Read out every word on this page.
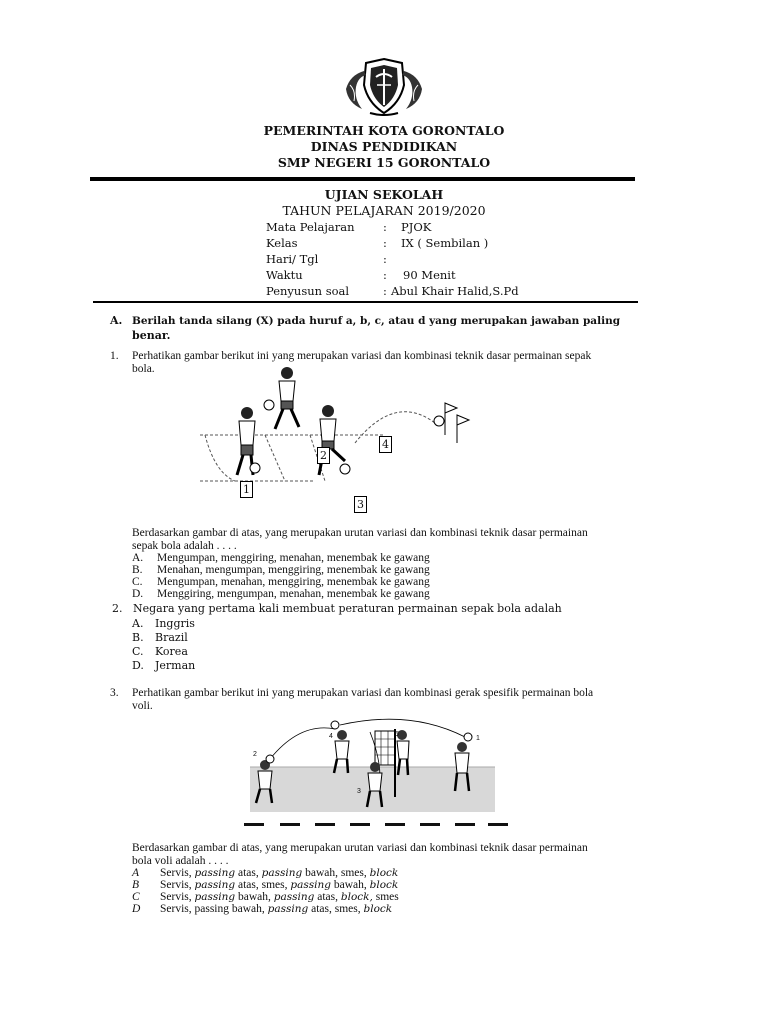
PEMERINTAH KOTA GORONTALO
DINAS PENDIDIKAN
SMP NEGERI 15 GORONTALO
UJIAN SEKOLAH
TAHUN PELAJARAN 2019/2020
Mata Pelajaran : PJOK
Kelas	: IX ( Sembilan )
Hari/ Tgl	:
Waktu	: 90 Menit
Penyusun soal	: Abul Khair Halid,S.Pd
A. Berilah tanda silang (X) pada huruf a, b, c, atau d yang merupakan jawaban paling
benar.
1. Perhatikan gambar berikut ini yang merupakan variasi dan kombinasi teknik dasar permainan sepak
bola.
1
2
3
4
Berdasarkan gambar di atas, yang merupakan urutan variasi dan kombinasi teknik dasar permainan
sepak bola adalah . . . .
A. Mengumpan, menggiring, menahan, menembak ke gawang
B. Menahan, mengumpan, menggiring, menembak ke gawang
C. Mengumpan, menahan, menggiring, menembak ke gawang
D. Menggiring, mengumpan, menahan, menembak ke gawang
2. Negara yang pertama kali membuat peraturan permainan sepak bola adalah
A. Inggris
B. Brazil
C. Korea
D. Jerman
3. Perhatikan gambar berikut ini yang merupakan variasi dan kombinasi gerak spesifik permainan bola
voli.
1
2
3
4	5
Berdasarkan gambar di atas, yang merupakan urutan variasi dan kombinasi teknik dasar permainan
bola voli adalah . . . .
A Servis, passing atas, passing bawah, smes, block
B Servis, passing atas, smes, passing bawah, block
C Servis, passing bawah, passing atas, block, smes
D Servis, passing bawah, passing atas, smes, block
